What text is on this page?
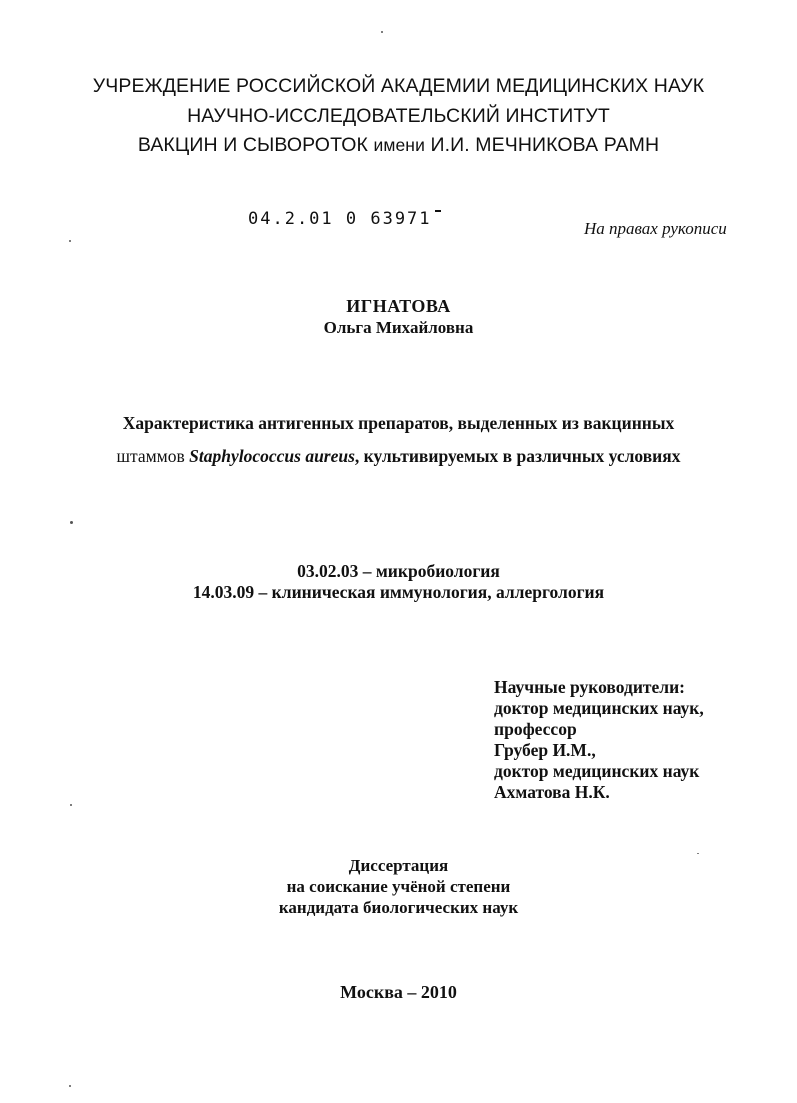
УЧРЕЖДЕНИЕ РОССИЙСКОЙ АКАДЕМИИ МЕДИЦИНСКИХ НАУК
НАУЧНО-ИССЛЕДОВАТЕЛЬСКИЙ ИНСТИТУТ
ВАКЦИН И СЫВОРОТОК имени И.И. МЕЧНИКОВА РАМН
04.2.01 0 63971	На правах рукописи
ИГНАТОВА
Ольга Михайловна
Характеристика антигенных препаратов, выделенных из вакцинных
штаммов Staphylococcus aureus, культивируемых в различных условиях
03.02.03 – микробиология
14.03.09 – клиническая иммунология, аллергология
Научные руководители:
доктор медицинских наук,
профессор
Грубер И.М.,
доктор медицинских наук
Ахматова Н.К.
Диссертация
на соискание учёной степени
кандидата биологических наук
Москва – 2010
